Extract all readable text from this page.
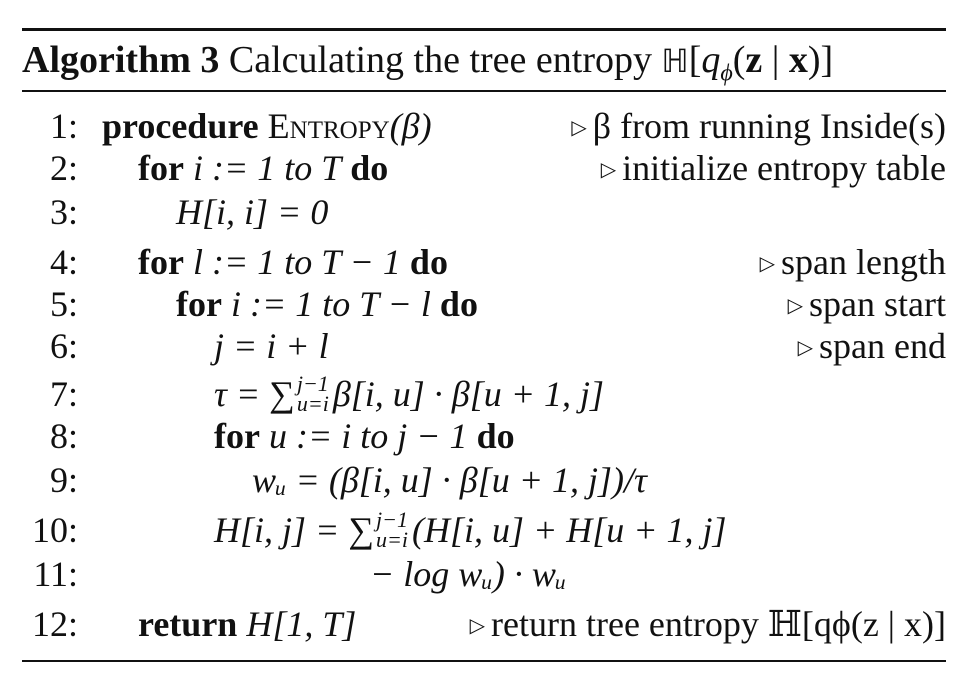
Algorithm 3 Calculating the tree entropy $ℍ[q_\phi(z$ | x)]
1: procedure Entropy(β)	▷ β from running Inside(s)
2: for i := 1 to T do	▷ initialize entropy table
3:	H[i, i] = 0
4: for l := 1 to T − 1 do	▷ span length
5:	for i := 1 to T − l do	▷ span start
6:	j = i + l	▷ span end
7:	τ = ∑ j−1
u=i β[i, u] · β[u + 1, j]
8:	for u := i to j − 1 do
9:	wᵤ = (β[i, u] · β[u + 1, j])/τ
10:	H[i, j] = ∑ j−1
u=i (H[i, u] + H[u + 1, j]
11:	− log wᵤ) · wᵤ
12: return H[1, T]	▷ return tree entropy ℍ[qϕ(z | x)]
